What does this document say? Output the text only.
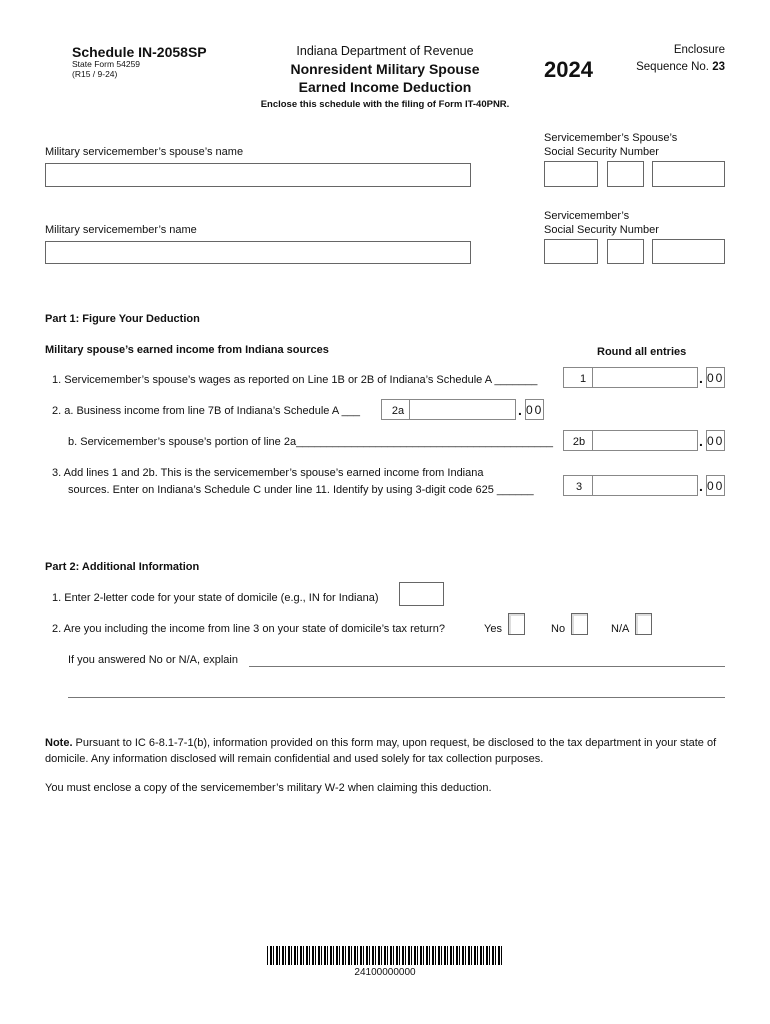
Schedule IN-2058SP
State Form 54259
(R15 / 9-24)
Indiana Department of Revenue
Nonresident Military Spouse
Earned Income Deduction
2024
Enclosure
Sequence No. 23
Enclose this schedule with the filing of Form IT-40PNR.
Military servicemember’s spouse’s name
Servicemember’s Spouse’s
Social Security Number
Military servicemember’s name
Servicemember’s
Social Security Number
Part 1: Figure Your Deduction
Military spouse’s earned income from Indiana sources	Round all entries
1. Servicemember’s spouse’s wages as reported on Line 1B or 2B of Indiana’s Schedule A _______	1	. 00
2. a. Business income from line 7B of Indiana’s Schedule A ___	2a	. 00
b. Servicemember’s spouse’s portion of line 2a__________________________________________	2b	. 00
3. Add lines 1 and 2b. This is the servicemember’s spouse’s earned income from Indiana
sources. Enter on Indiana’s Schedule C under line 11. Identify by using 3-digit code 625 ______	3	. 00
Part 2: Additional Information
1. Enter 2-letter code for your state of domicile (e.g., IN for Indiana)
2. Are you including the income from line 3 on your state of domicile’s tax return?	Yes	No	N/A
If you answered No or N/A, explain
Note. Pursuant to IC 6-8.1-7-1(b), information provided on this form may, upon request, be disclosed to the tax department in your state of domicile. Any information disclosed will remain confidential and used solely for tax collection purposes.
You must enclose a copy of the servicemember’s military W-2 when claiming this deduction.
24100000000
